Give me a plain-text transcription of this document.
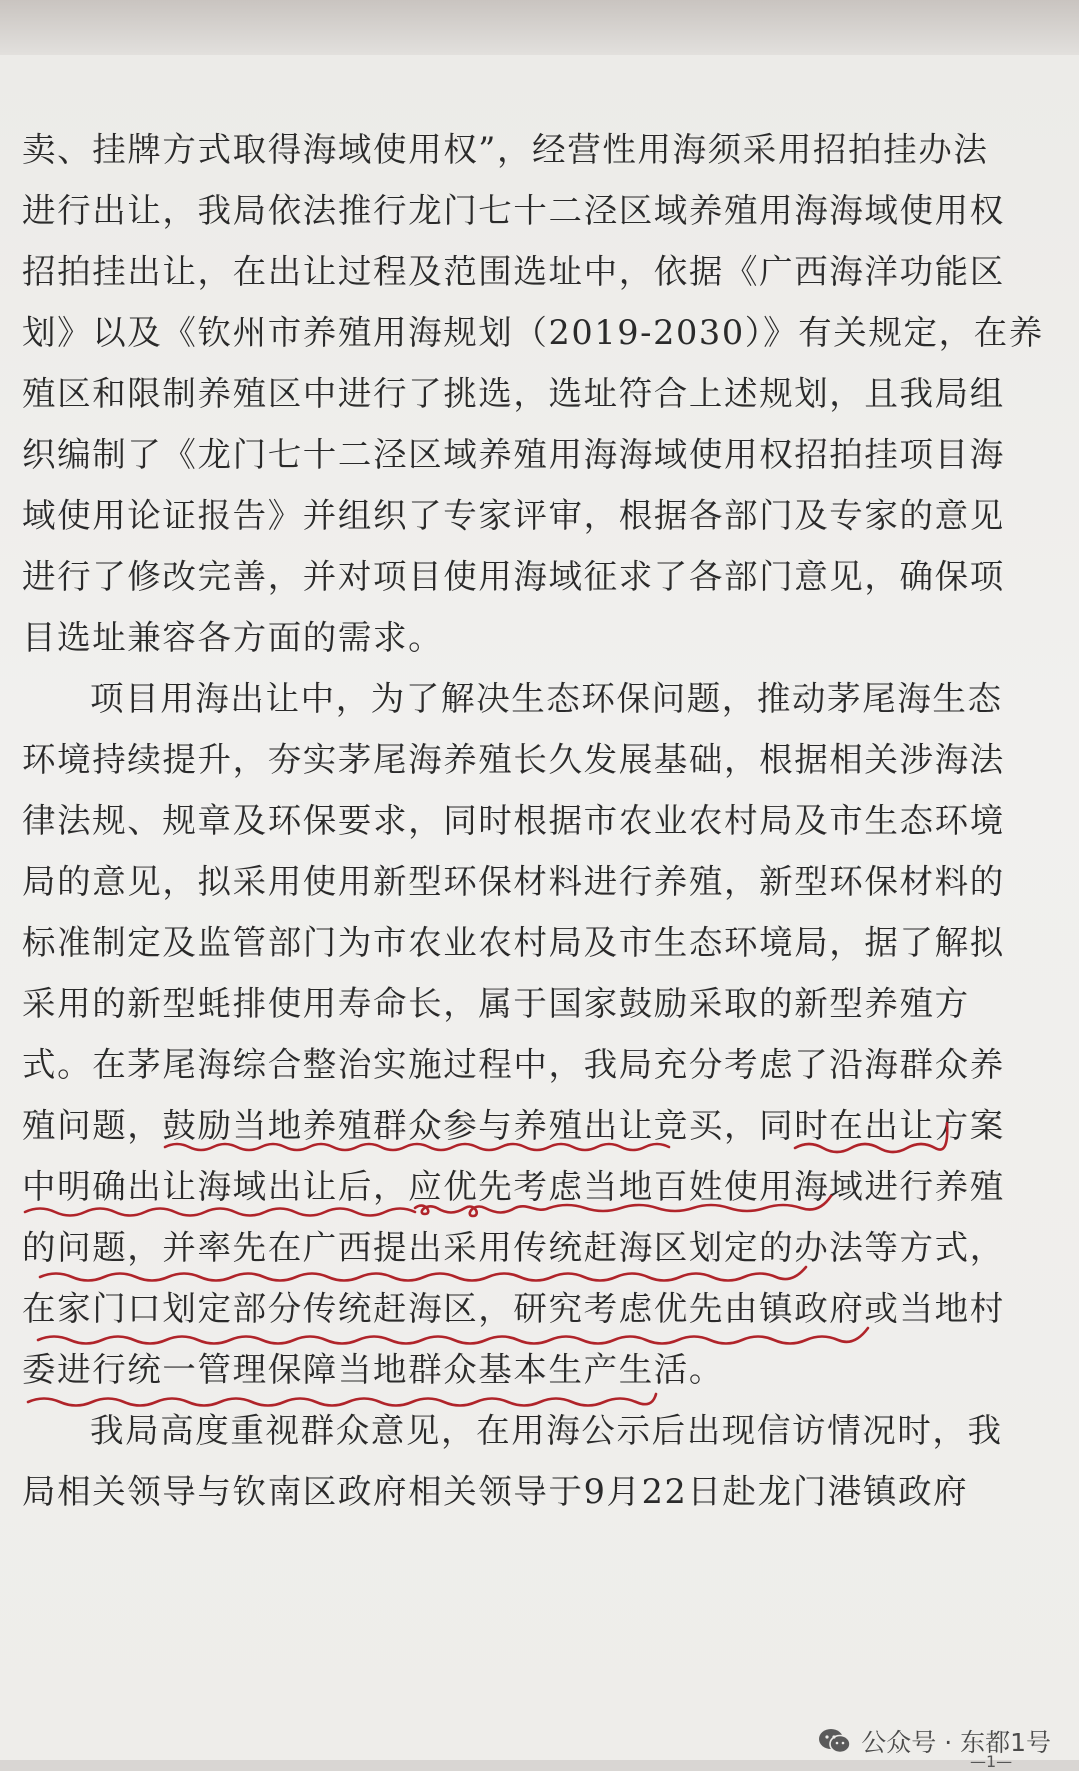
卖、挂牌方式取得海域使用权”，经营性用海须采用招拍挂办法
进行出让，我局依法推行龙门七十二泾区域养殖用海海域使用权
招拍挂出让，在出让过程及范围选址中，依据《广西海洋功能区
划》以及《钦州市养殖用海规划（2019-2030）》有关规定，在养
殖区和限制养殖区中进行了挑选，选址符合上述规划，且我局组
织编制了《龙门七十二泾区域养殖用海海域使用权招拍挂项目海
域使用论证报告》并组织了专家评审，根据各部门及专家的意见
进行了修改完善，并对项目使用海域征求了各部门意见，确保项
目选址兼容各方面的需求。
项目用海出让中，为了解决生态环保问题，推动茅尾海生态
环境持续提升，夯实茅尾海养殖长久发展基础，根据相关涉海法
律法规、规章及环保要求，同时根据市农业农村局及市生态环境
局的意见，拟采用使用新型环保材料进行养殖，新型环保材料的
标准制定及监管部门为市农业农村局及市生态环境局，据了解拟
采用的新型蚝排使用寿命长，属于国家鼓励采取的新型养殖方
式。在茅尾海综合整治实施过程中，我局充分考虑了沿海群众养
殖问题，鼓励当地养殖群众参与养殖出让竞买，同时在出让方案
中明确出让海域出让后，应优先考虑当地百姓使用海域进行养殖
的问题，并率先在广西提出采用传统赶海区划定的办法等方式，
在家门口划定部分传统赶海区，研究考虑优先由镇政府或当地村
委进行统一管理保障当地群众基本生产生活。
我局高度重视群众意见，在用海公示后出现信访情况时，我
局相关领导与钦南区政府相关领导于9月22日赴龙门港镇政府
公众号 · 东都1号
—1—
